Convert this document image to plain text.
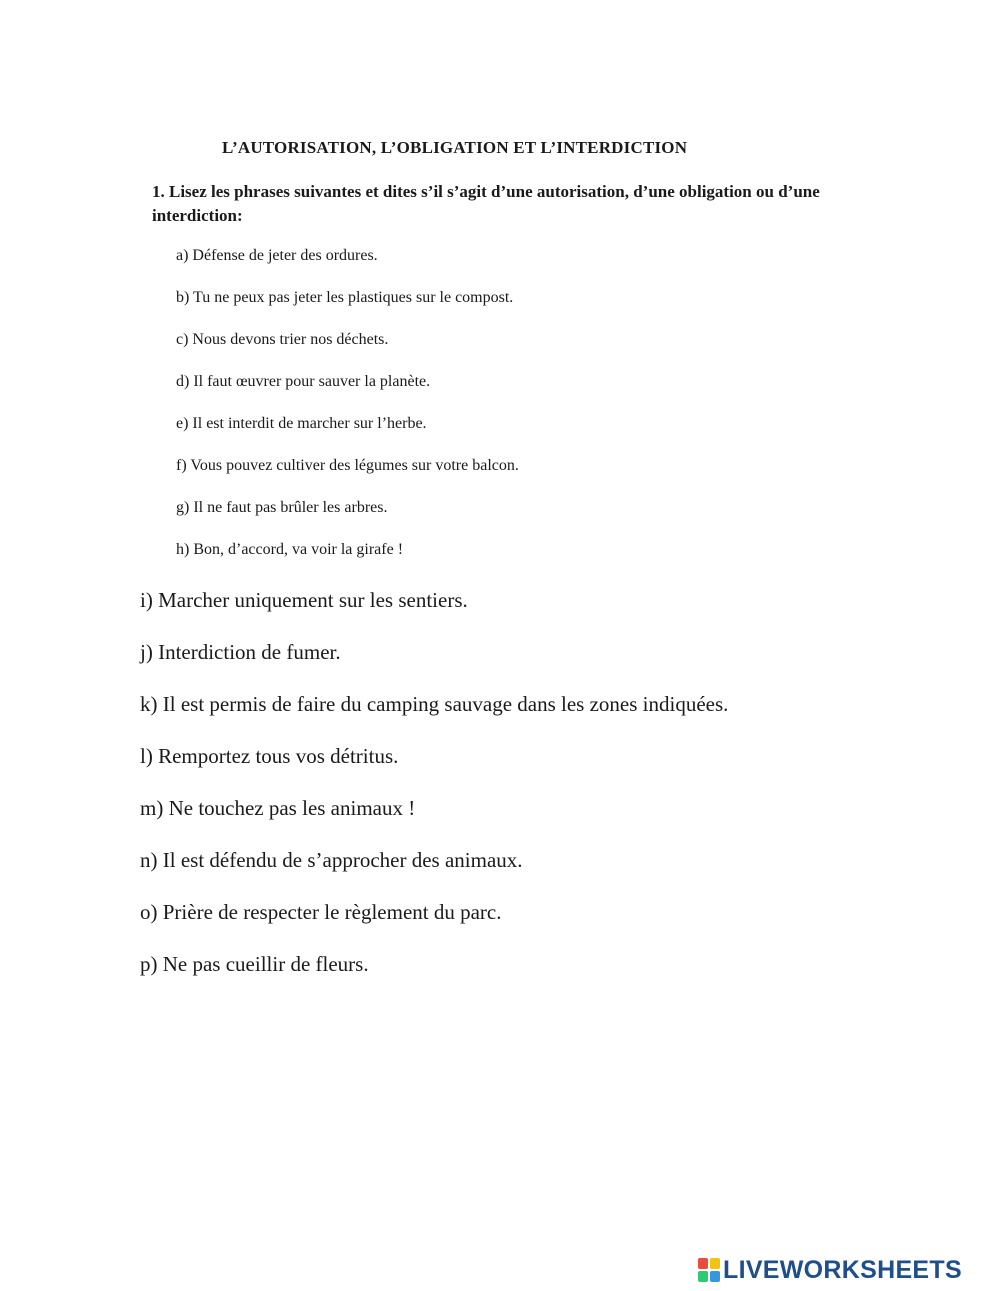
L’AUTORISATION, L’OBLIGATION ET L’INTERDICTION
1. Lisez les phrases suivantes et dites s’il s’agit d’une autorisation, d’une obligation ou d’une interdiction:
a) Défense de jeter des ordures.
b) Tu ne peux pas jeter les plastiques sur le compost.
c) Nous devons trier nos déchets.
d) Il faut œuvrer pour sauver la planète.
e) Il est interdit de marcher sur l’herbe.
f) Vous pouvez cultiver des légumes sur votre balcon.
g) Il ne faut pas brûler les arbres.
h) Bon, d’accord, va voir la girafe !
i) Marcher uniquement sur les sentiers.
j) Interdiction de fumer.
k) Il est permis de faire du camping sauvage dans les zones indiquées.
l) Remportez tous vos détritus.
m) Ne touchez pas les animaux !
n) Il est défendu de s’approcher des animaux.
o) Prière de respecter le règlement du parc.
p) Ne pas cueillir de fleurs.
LIVEWORKSHEETS
